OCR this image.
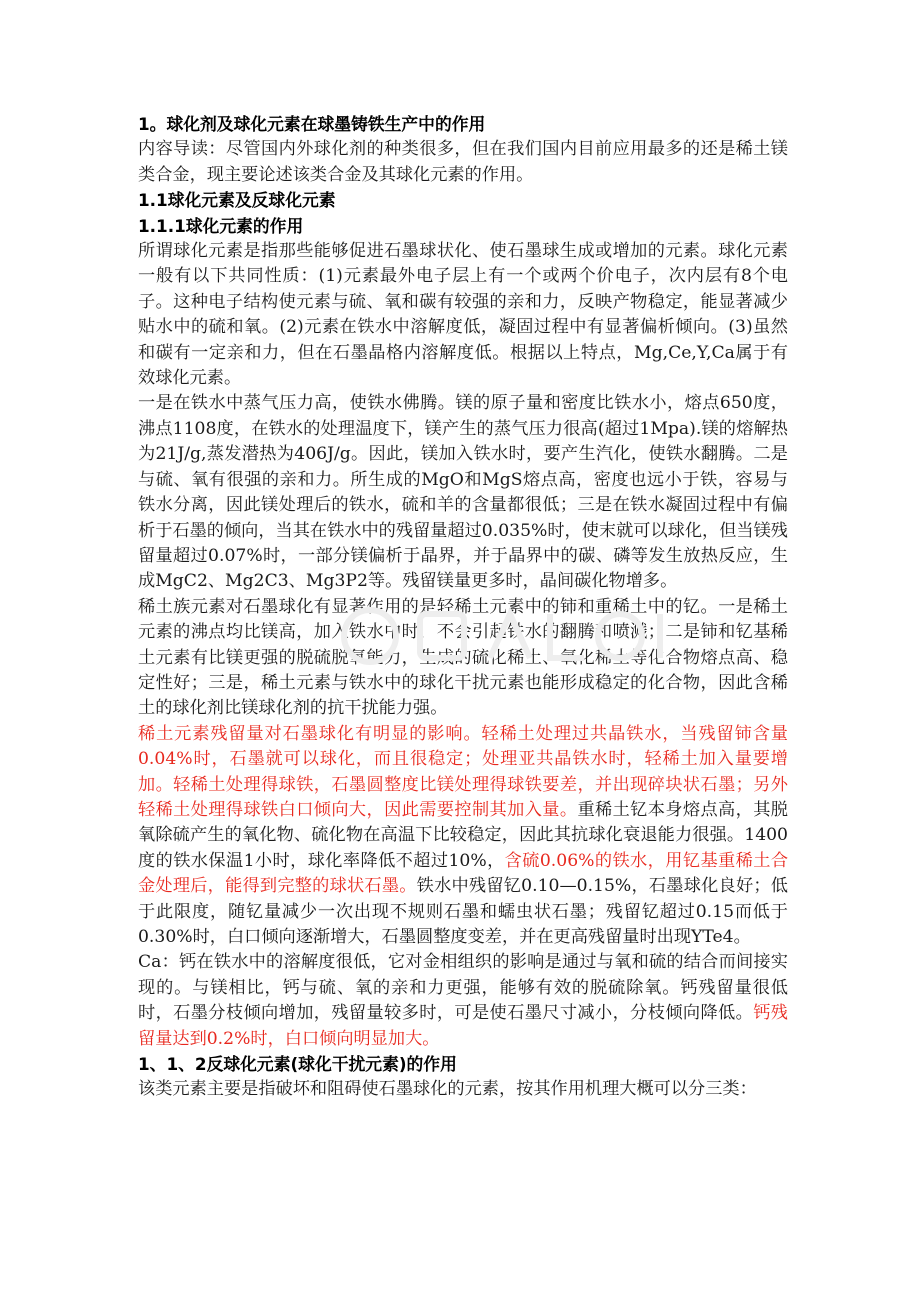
1。球化剂及球化元素在球墨铸铁生产中的作用

内容导读：尽管国内外球化剂的种类很多，但在我们国内目前应用最多的还是稀土镁类合金，现主要论述该类合金及其球化元素的作用。

1.1球化元素及反球化元素

1.1.1球化元素的作用

所谓球化元素是指那些能够促进石墨球状化、使石墨球生成或增加的元素。球化元素一般有以下共同性质：(1)元素最外电子层上有一个或两个价电子，次内层有8个电子。这种电子结构使元素与硫、氧和碳有较强的亲和力，反映产物稳定，能显著减少贴水中的硫和氧。(2)元素在铁水中溶解度低，凝固过程中有显著偏析倾向。(3)虽然和碳有一定亲和力，但在石墨晶格内溶解度低。根据以上特点，Mg,Ce,Y,Ca属于有效球化元素。

一是在铁水中蒸气压力高，使铁水佛腾。镁的原子量和密度比铁水小，熔点650度，沸点1108度，在铁水的处理温度下，镁产生的蒸气压力很高(超过1Mpa).镁的熔解热为21J/g,蒸发潜热为406J/g。因此，镁加入铁水时，要产生汽化，使铁水翻腾。二是与硫、氧有很强的亲和力。所生成的MgO和MgS熔点高，密度也远小于铁，容易与铁水分离，因此镁处理后的铁水，硫和羊的含量都很低；三是在铁水凝固过程中有偏析于石墨的倾向，当其在铁水中的残留量超过0.035%时，使末就可以球化，但当镁残留量超过0.07%时，一部分镁偏析于晶界，并于晶界中的碳、磷等发生放热反应，生成MgC2、Mg2C3、Mg3P2等。残留镁量更多时，晶间碳化物增多。

稀土族元素对石墨球化有显著作用的是轻稀土元素中的铈和重稀土中的钇。一是稀土元素的沸点均比镁高，加入铁水中时，不会引起铁水的翻腾和喷溅；二是铈和钇基稀土元素有比镁更强的脱硫脱氧能力，生成的硫化稀土、氧化稀土等化合物熔点高、稳定性好；三是，稀土元素与铁水中的球化干扰元素也能形成稳定的化合物，因此含稀土的球化剂比镁球化剂的抗干扰能力强。

稀土元素残留量对石墨球化有明显的影响。轻稀土处理过共晶铁水，当残留铈含量0.04%时，石墨就可以球化，而且很稳定；处理亚共晶铁水时，轻稀土加入量要增加。轻稀土处理得球铁，石墨圆整度比镁处理得球铁要差，并出现碎块状石墨；另外轻稀土处理得球铁白口倾向大，因此需要控制其加入量。重稀土钇本身熔点高，其脱氧除硫产生的氧化物、硫化物在高温下比较稳定，因此其抗球化衰退能力很强。1400度的铁水保温1小时，球化率降低不超过10%，含硫0.06%的铁水，用钇基重稀土合金处理后，能得到完整的球状石墨。铁水中残留钇0.10—0.15%，石墨球化良好；低于此限度，随钇量减少一次出现不规则石墨和蠕虫状石墨；残留钇超过0.15而低于0.30%时，白口倾向逐渐增大，石墨圆整度变差，并在更高残留量时出现YTe4。

Ca：钙在铁水中的溶解度很低，它对金相组织的影响是通过与氧和硫的结合而间接实现的。与镁相比，钙与硫、氧的亲和力更强，能够有效的脱硫除氧。钙残留量很低时，石墨分枝倾向增加，残留量较多时，可是使石墨尺寸减小，分枝倾向降低。钙残留量达到0.2%时，白口倾向明显加大。

1、1、2反球化元素(球化干扰元素)的作用

该类元素主要是指破坏和阻碍使石墨球化的元素，按其作用机理大概可以分三类：
